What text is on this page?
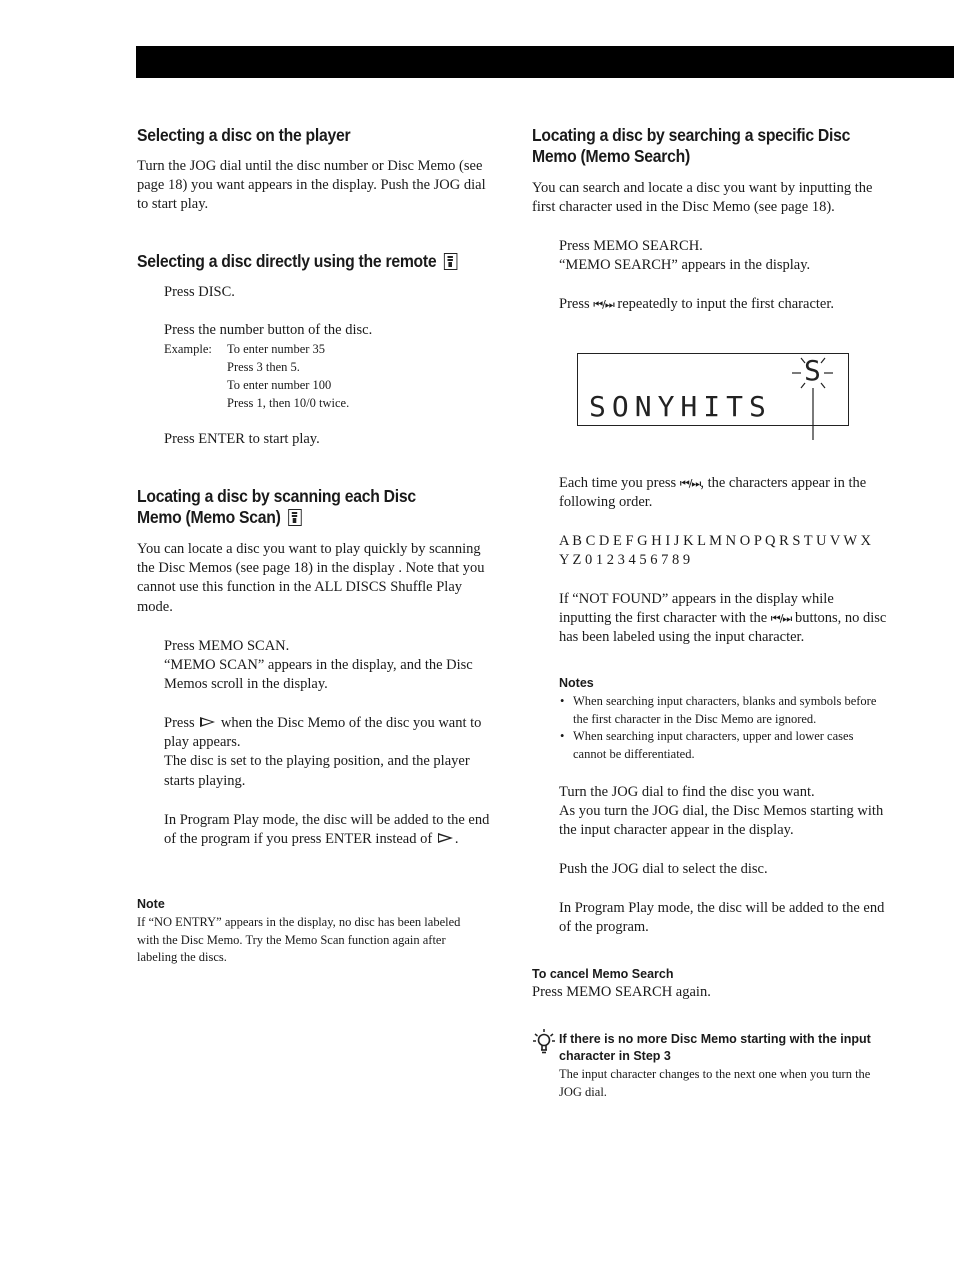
Selecting a disc on the player
Turn the JOG dial until the disc number or Disc Memo (see page 18) you want appears in the display. Push the JOG dial to start play.
Selecting a disc directly using the remote
Press DISC.
Press the number button of the disc.
Example: To enter number 35
Press 3 then 5.
To enter number 100
Press 1, then 10/0 twice.
Press ENTER to start play.
Locating a disc by scanning each Disc
Memo (Memo Scan)
You can locate a disc you want to play quickly by scanning the Disc Memos (see page 18) in the display . Note that you cannot use this function in the ALL DISCS Shuffle Play mode.
Press MEMO SCAN.
“MEMO SCAN” appears in the display, and the Disc Memos scroll in the display.
Press when the Disc Memo of the disc you want to play appears.
The disc is set to the playing position, and the player starts playing.
In Program Play mode, the disc will be added to the end of the program if you press ENTER instead of .
Note
If “NO ENTRY” appears in the display, no disc has been labeled with the Disc Memo. Try the Memo Scan function again after labeling the discs.
Locating a disc by searching a specific Disc
Memo (Memo Search)
You can search and locate a disc you want by inputting the first character used in the Disc Memo (see page 18).
Press MEMO SEARCH.
“MEMO SEARCH” appears in the display.
Press ⏮/⏭ repeatedly to input the first character.
SONYHITS
S
Each time you press ⏮/⏭, the characters appear in the following order.
A B C D E F G H I J K L M N O P Q R S T U V W X
Y Z 0 1 2 3 4 5 6 7 8 9
If “NOT FOUND” appears in the display while inputting the first character with the ⏮/⏭ buttons, no disc has been labeled using the input character.
Notes
• When searching input characters, blanks and symbols before the first character in the Disc Memo are ignored.
• When searching input characters, upper and lower cases cannot be differentiated.
Turn the JOG dial to find the disc you want.
As you turn the JOG dial, the Disc Memos starting with the input character appear in the display.
Push the JOG dial to select the disc.
In Program Play mode, the disc will be added to the end of the program.
To cancel Memo Search
Press MEMO SEARCH again.
If there is no more Disc Memo starting with the input character in Step 3
The input character changes to the next one when you turn the JOG dial.
